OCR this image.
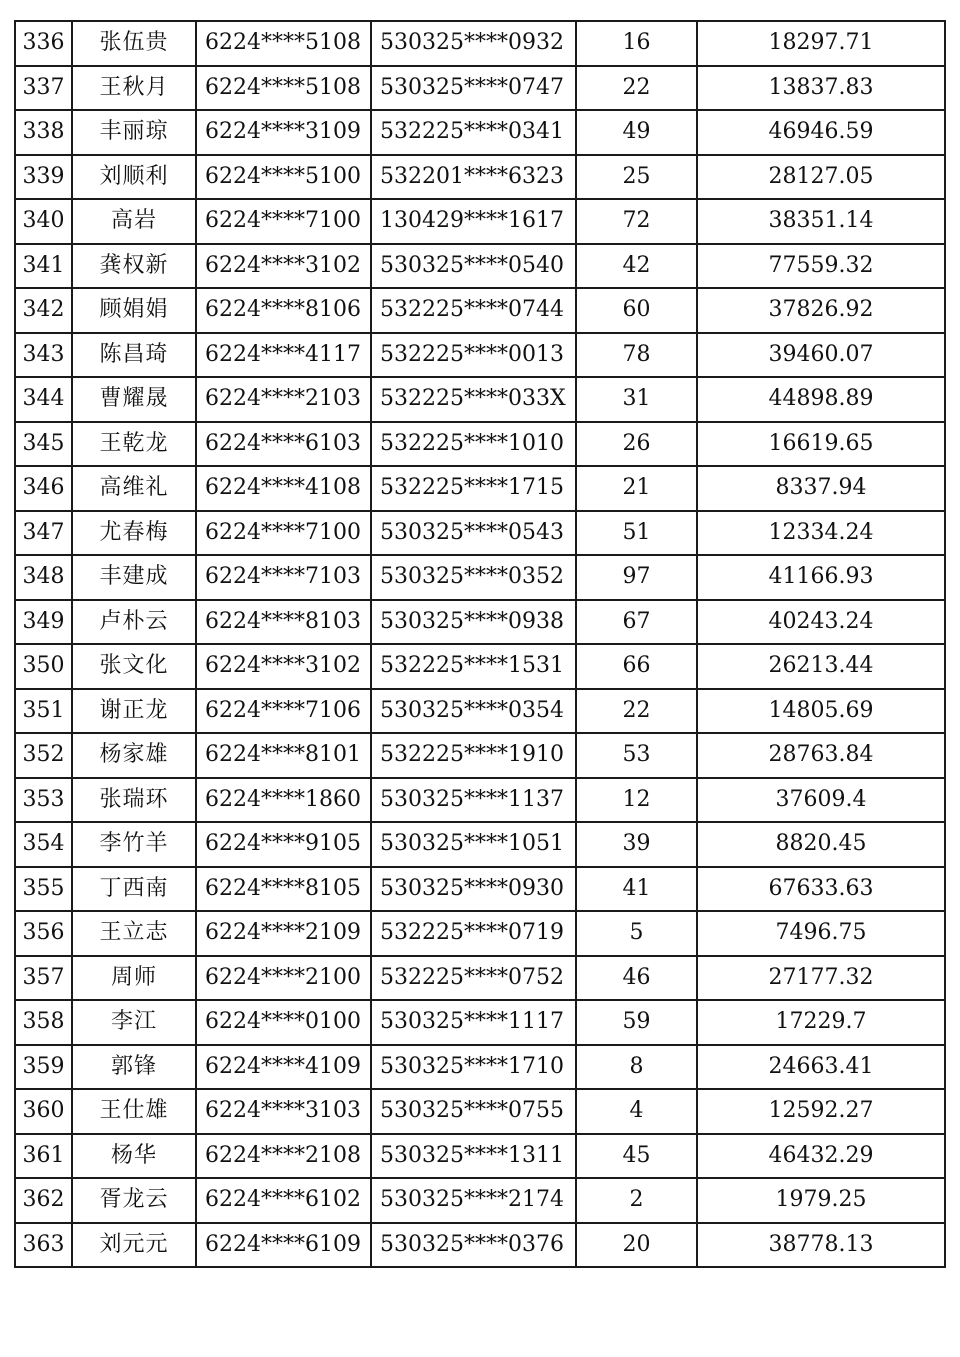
336	张伍贵	6224****5108	530325****0932	16	18297.71
337	王秋月	6224****5108	530325****0747	22	13837.83
338	丰丽琼	6224****3109	532225****0341	49	46946.59
339	刘顺利	6224****5100	532201****6323	25	28127.05
340	高岩	6224****7100	130429****1617	72	38351.14
341	龚权新	6224****3102	530325****0540	42	77559.32
342	顾娟娟	6224****8106	532225****0744	60	37826.92
343	陈昌琦	6224****4117	532225****0013	78	39460.07
344	曹耀晟	6224****2103	532225****033X	31	44898.89
345	王乾龙	6224****6103	532225****1010	26	16619.65
346	高维礼	6224****4108	532225****1715	21	8337.94
347	尤春梅	6224****7100	530325****0543	51	12334.24
348	丰建成	6224****7103	530325****0352	97	41166.93
349	卢朴云	6224****8103	530325****0938	67	40243.24
350	张文化	6224****3102	532225****1531	66	26213.44
351	谢正龙	6224****7106	530325****0354	22	14805.69
352	杨家雄	6224****8101	532225****1910	53	28763.84
353	张瑞环	6224****1860	530325****1137	12	37609.4
354	李竹羊	6224****9105	530325****1051	39	8820.45
355	丁西南	6224****8105	530325****0930	41	67633.63
356	王立志	6224****2109	532225****0719	5	7496.75
357	周师	6224****2100	532225****0752	46	27177.32
358	李江	6224****0100	530325****1117	59	17229.7
359	郭锋	6224****4109	530325****1710	8	24663.41
360	王仕雄	6224****3103	530325****0755	4	12592.27
361	杨华	6224****2108	530325****1311	45	46432.29
362	胥龙云	6224****6102	530325****2174	2	1979.25
363	刘元元	6224****6109	530325****0376	20	38778.13
